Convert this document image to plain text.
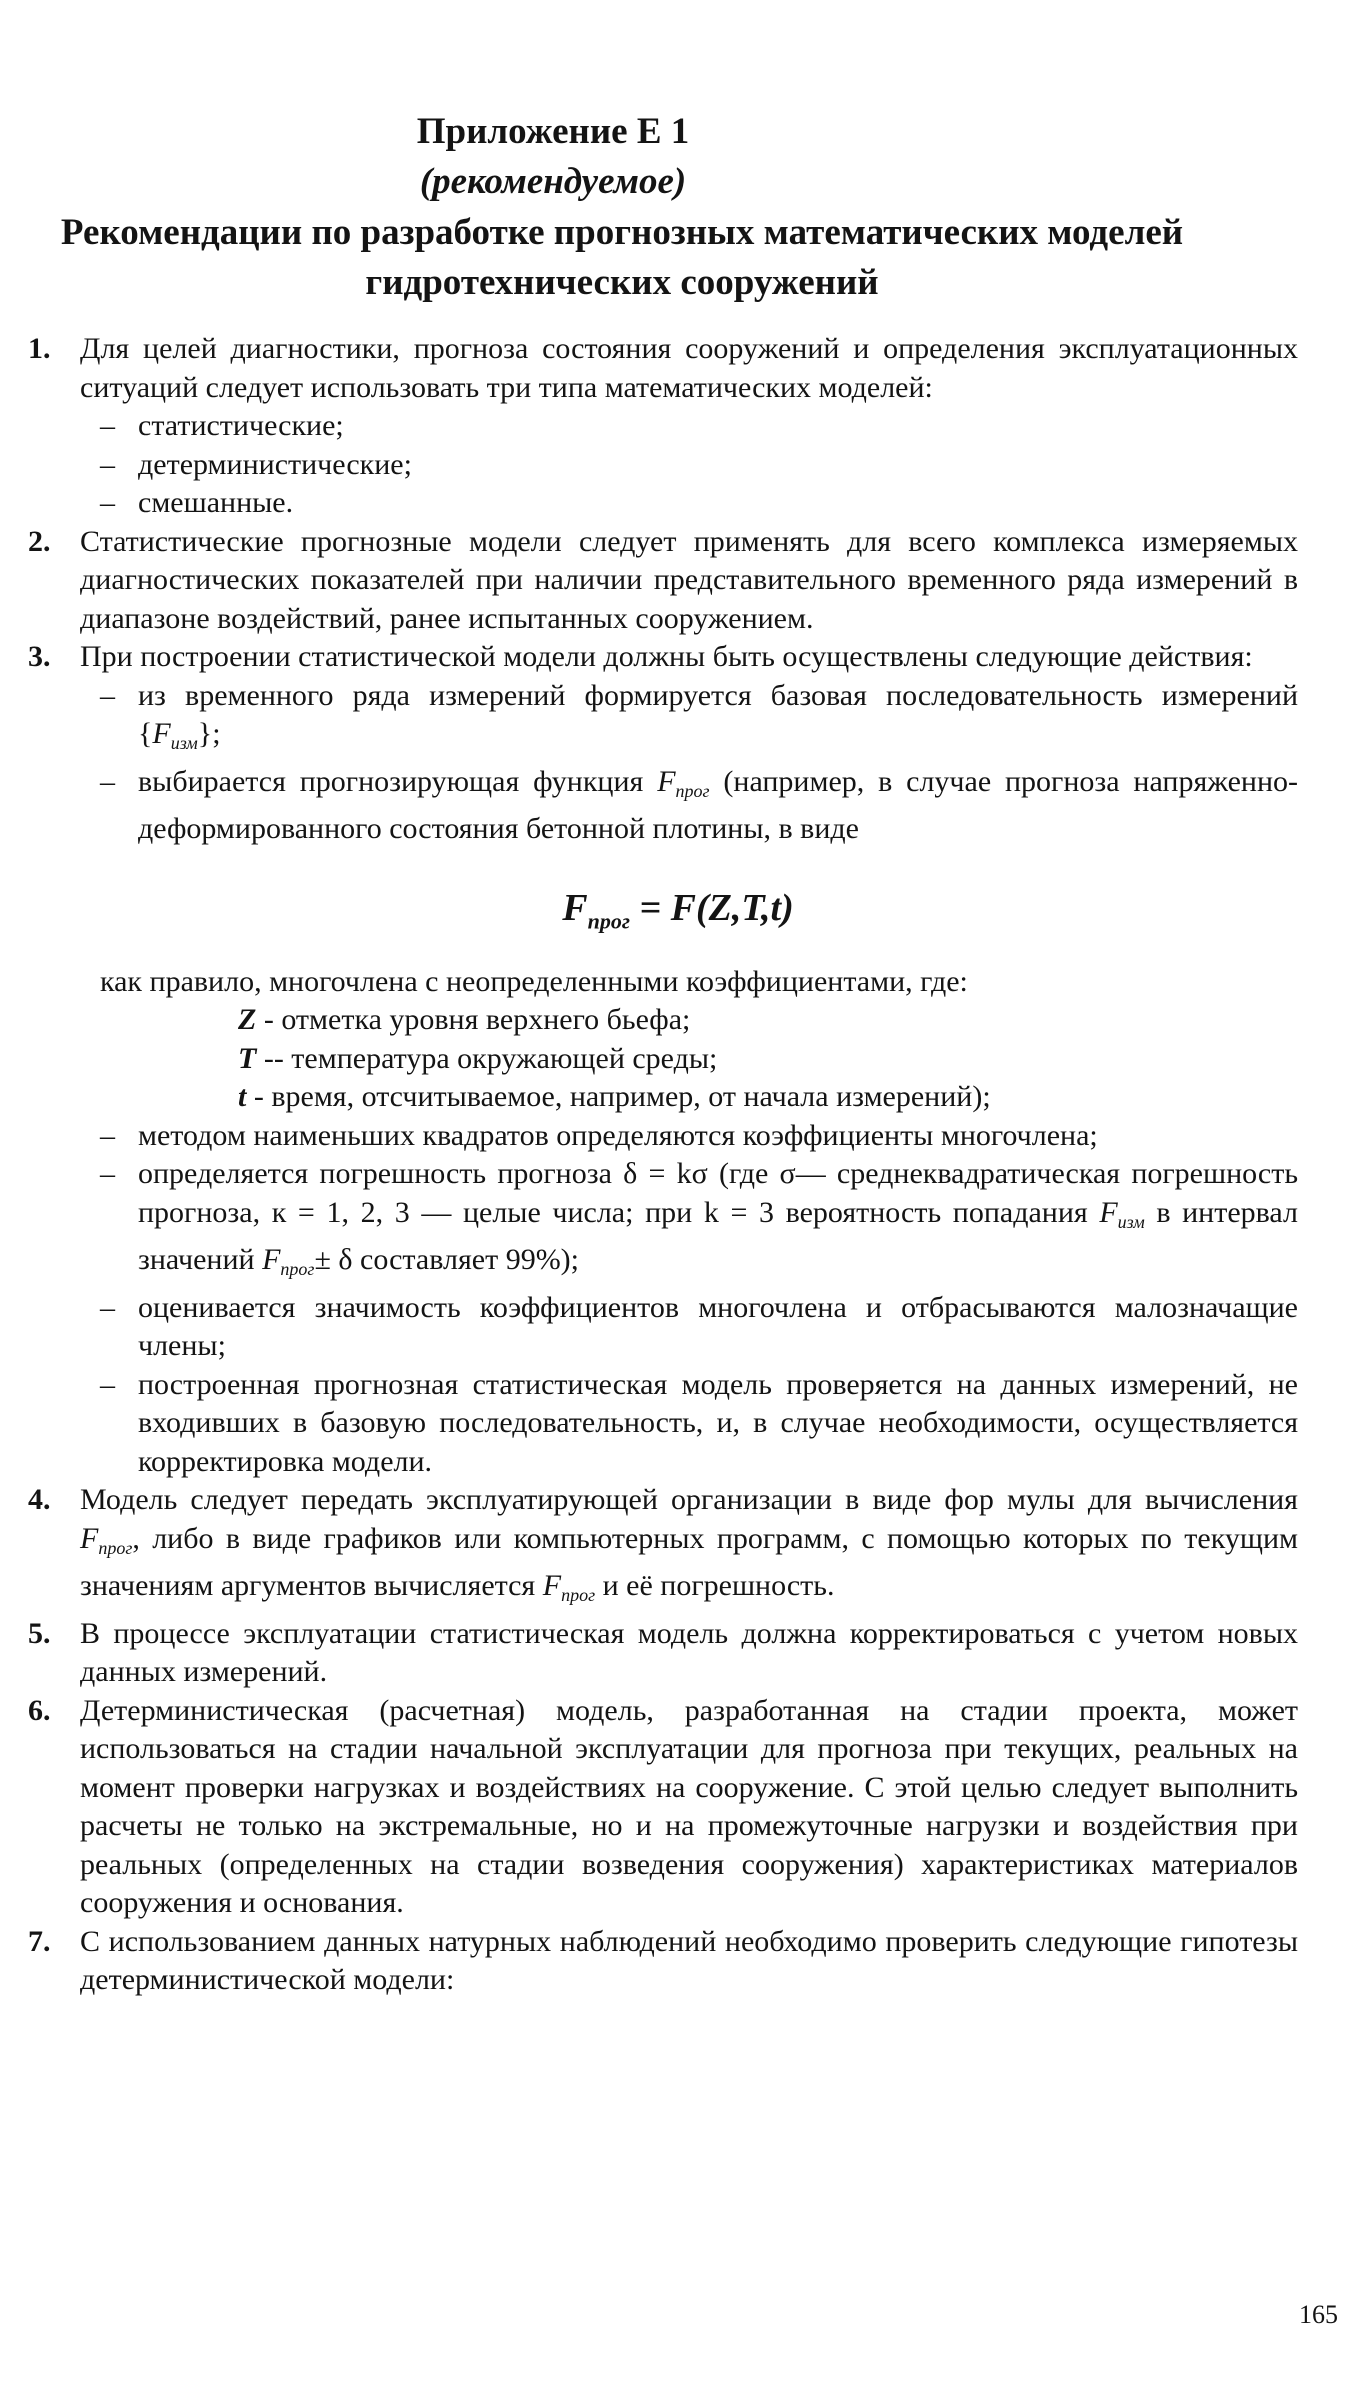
Приложение Е 1
(рекомендуемое)
Рекомендации по разработке прогнозных математических моделей
гидротехнических сооружений
1. Для целей диагностики, прогноза состояния сооружений и определения эксплуатационных ситуаций следует использовать три типа математических моделей:
– статистические;
– детерминистические;
– смешанные.
2. Статистические прогнозные модели следует применять для всего комплекса измеряемых диагностических показателей при наличии представительного временного ряда измерений в диапазоне воздействий, ранее испытанных сооружением.
3. При построении статистической модели должны быть осуществлены следующие действия:
– из временного ряда измерений формируется базовая последовательность измерений $\{F_{изм}\}$;
– выбирается прогнозирующая функция $F_{прог}$ (например, в случае прогноза напряженно-деформированного состояния бетонной плотины, в виде
$F_{прог} = F(Z,T,t)$
как правило, многочлена с неопределенными коэффициентами, где:
Z - отметка уровня верхнего бьефа;
T -- температура окружающей среды;
t - время, отсчитываемое, например, от начала измерений);
– методом наименьших квадратов определяются коэффициенты многочлена;
– определяется погрешность прогноза δ = kσ (где σ— среднеквадратическая погрешность прогноза, к = 1, 2, 3 — целые числа; при k = 3 вероятность попадания $F_{изм}$ в интервал значений $F_{прог}\pm \delta$ составляет 99%);
– оценивается значимость коэффициентов многочлена и отбрасываются малозначащие члены;
– построенная прогнозная статистическая модель проверяется на данных измерений, не входивших в базовую последовательность, и, в случае необходимости, осуществляется корректировка модели.
4. Модель следует передать эксплуатирующей организации в виде фор мулы для вычисления $F_{прог}$, либо в виде графиков или компьютерных программ, с помощью которых по текущим значениям аргументов вычисляется $F_{прог}$ и её погрешность.
5. В процессе эксплуатации статистическая модель должна корректироваться с учетом новых данных измерений.
6. Детерминистическая (расчетная) модель, разработанная на стадии проекта, может использоваться на стадии начальной эксплуатации для прогноза при текущих, реальных на момент проверки нагрузках и воздействиях на сооружение. С этой целью следует выполнить расчеты не только на экстремальные, но и на промежуточные нагрузки и воздействия при реальных (определенных на стадии возведения сооружения) характеристиках материалов сооружения и основания.
7. С использованием данных натурных наблюдений необходимо проверить следующие гипотезы детерминистической модели:
165
